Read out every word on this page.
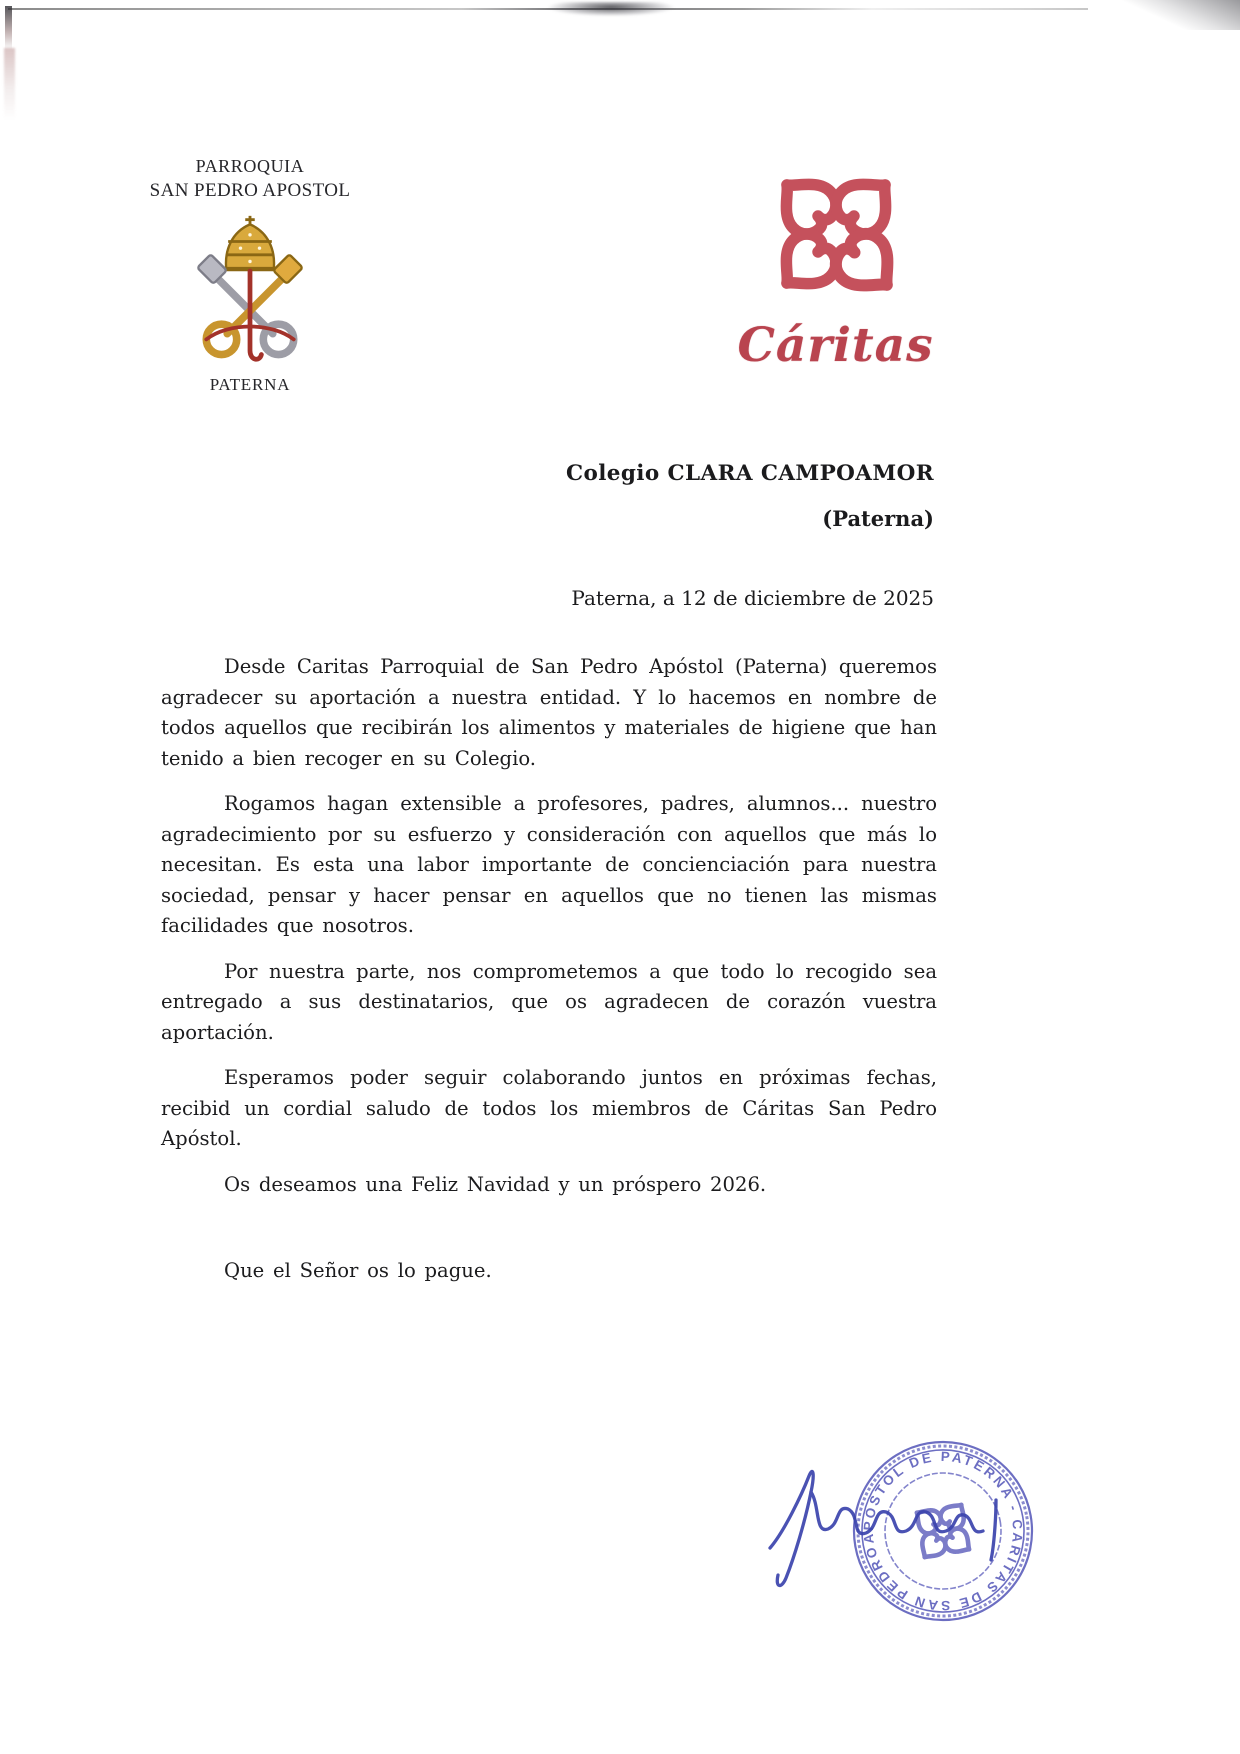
PARROQUIA
SAN PEDRO APOSTOL
PATERNA
Cáritas
Colegio CLARA CAMPOAMOR
(Paterna)
Paterna, a 12 de diciembre de 2025

Desde Caritas Parroquial de San Pedro Apóstol (Paterna) queremos agradecer su aportación a nuestra entidad. Y lo hacemos en nombre de todos aquellos que recibirán los alimentos y materiales de higiene que han tenido a bien recoger en su Colegio.

Rogamos hagan extensible a profesores, padres, alumnos... nuestro agradecimiento por su esfuerzo y consideración con aquellos que más lo necesitan. Es esta una labor importante de concienciación para nuestra sociedad, pensar y hacer pensar en aquellos que no tienen las mismas facilidades que nosotros.

Por nuestra parte, nos comprometemos a que todo lo recogido sea entregado a sus destinatarios, que os agradecen de corazón vuestra aportación.

Esperamos poder seguir colaborando juntos en próximas fechas, recibid un cordial saludo de todos los miembros de Cáritas San Pedro Apóstol.

Os deseamos una Feliz Navidad y un próspero 2026.

Que el Señor os lo pague.

APOSTOL DE PATERNA - CÁRITAS DE SAN PEDRO
